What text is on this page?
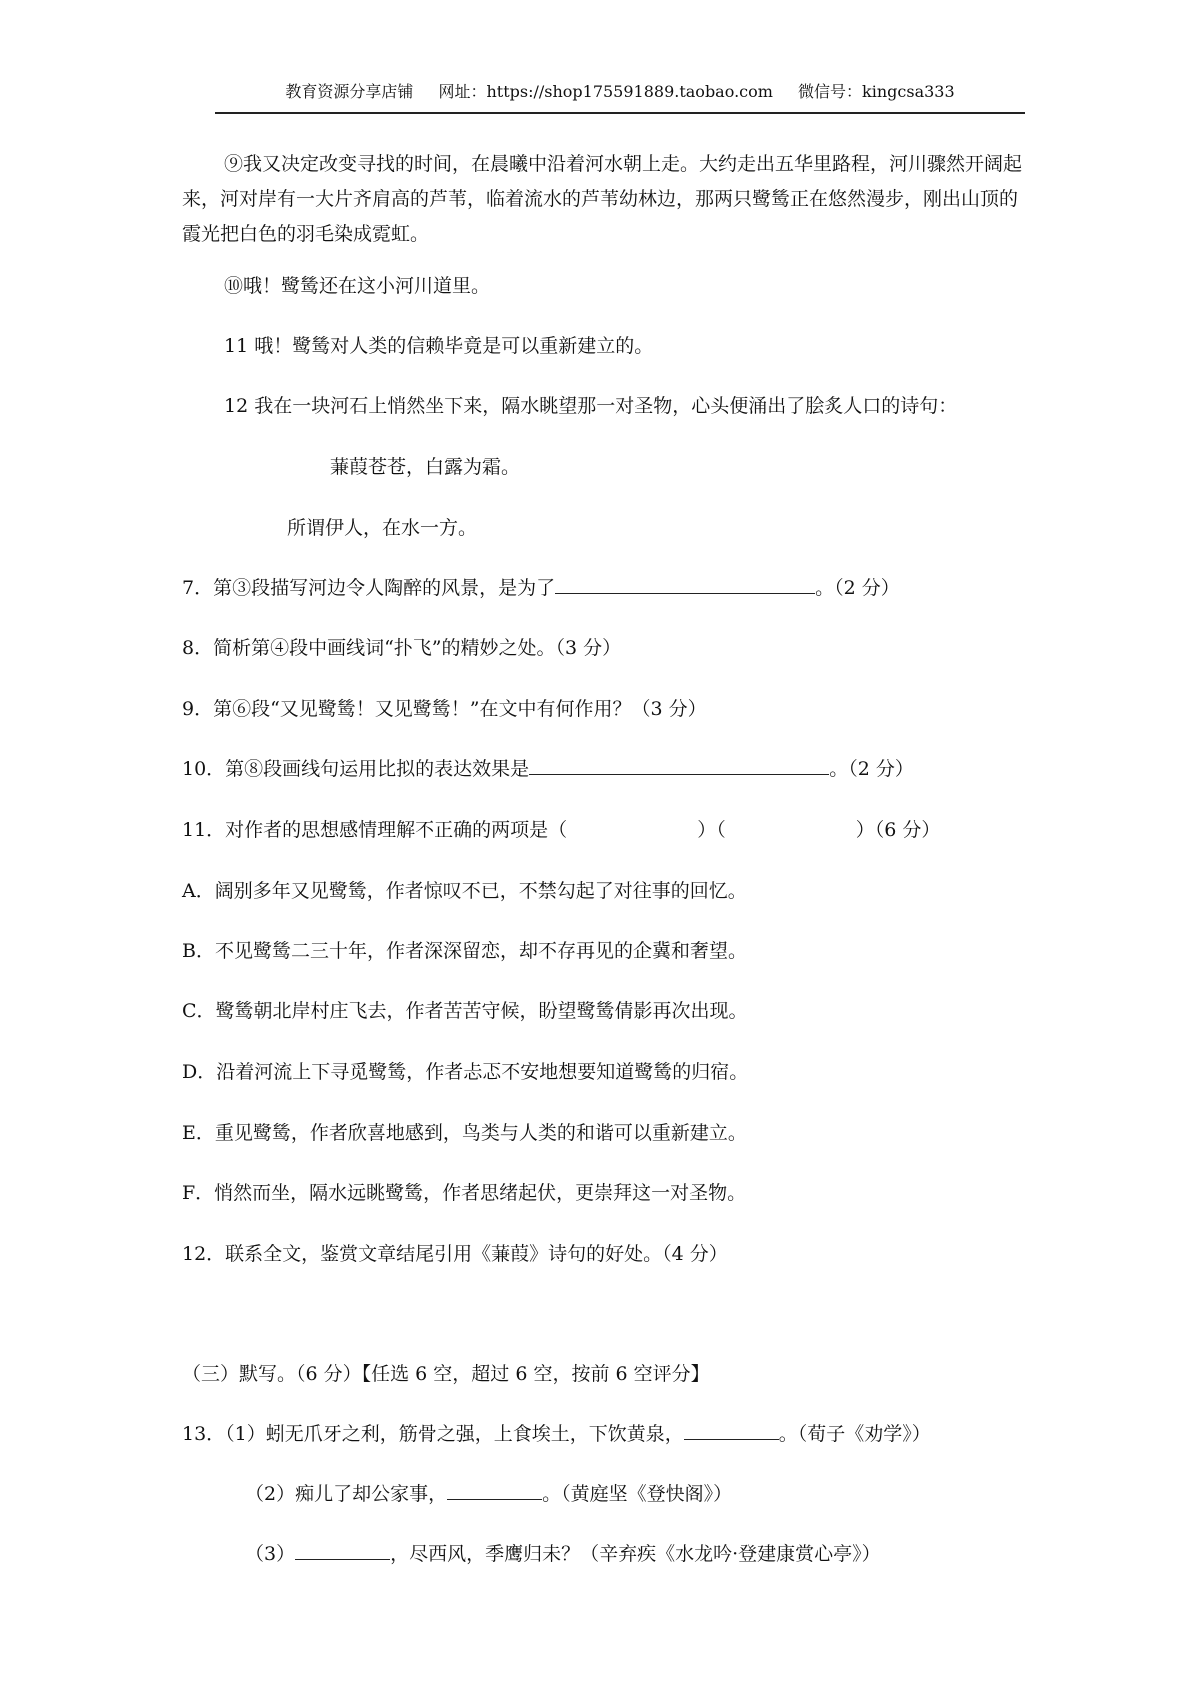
教育资源分享店铺 网址：https://shop175591889.taobao.com 微信号：kingcsa333
⑨我又决定改变寻找的时间，在晨曦中沿着河水朝上走。大约走出五华里路程，河川骤然开阔起来，河对岸有一大片齐肩高的芦苇，临着流水的芦苇幼林边，那两只鹭鸶正在悠然漫步，刚出山顶的霞光把白色的羽毛染成霓虹。
⑩哦！鹭鸶还在这小河川道里。
11 哦！鹭鸶对人类的信赖毕竟是可以重新建立的。
12 我在一块河石上悄然坐下来，隔水眺望那一对圣物，心头便涌出了脍炙人口的诗句：
蒹葭苍苍，白露为霜。
所谓伊人，在水一方。
7．第③段描写河边令人陶醉的风景，是为了	。（2 分）
8．简析第④段中画线词“扑飞”的精妙之处。（3 分）
9．第⑥段“又见鹭鸶！又见鹭鸶！”在文中有何作用？（3 分）
10．第⑧段画线句运用比拟的表达效果是	。（2 分）
11．对作者的思想感情理解不正确的两项是（	）（	）（6 分）
A．阔别多年又见鹭鸶，作者惊叹不已，不禁勾起了对往事的回忆。
B．不见鹭鸶二三十年，作者深深留恋，却不存再见的企冀和奢望。
C．鹭鸶朝北岸村庄飞去，作者苦苦守候，盼望鹭鸶倩影再次出现。
D．沿着河流上下寻觅鹭鸶，作者忐忑不安地想要知道鹭鸶的归宿。
E．重见鹭鸶，作者欣喜地感到，鸟类与人类的和谐可以重新建立。
F．悄然而坐，隔水远眺鹭鸶，作者思绪起伏，更崇拜这一对圣物。
12．联系全文，鉴赏文章结尾引用《蒹葭》诗句的好处。（4 分）
（三）默写。（6 分）【任选 6 空，超过 6 空，按前 6 空评分】
13．（1）蚓无爪牙之利，筋骨之强，上食埃土，下饮黄泉，	。（荀子《劝学》）
（2）痴儿了却公家事，	。（黄庭坚《登快阁》）
（3）	，尽西风，季鹰归未？（辛弃疾《水龙吟·登建康赏心亭》）
